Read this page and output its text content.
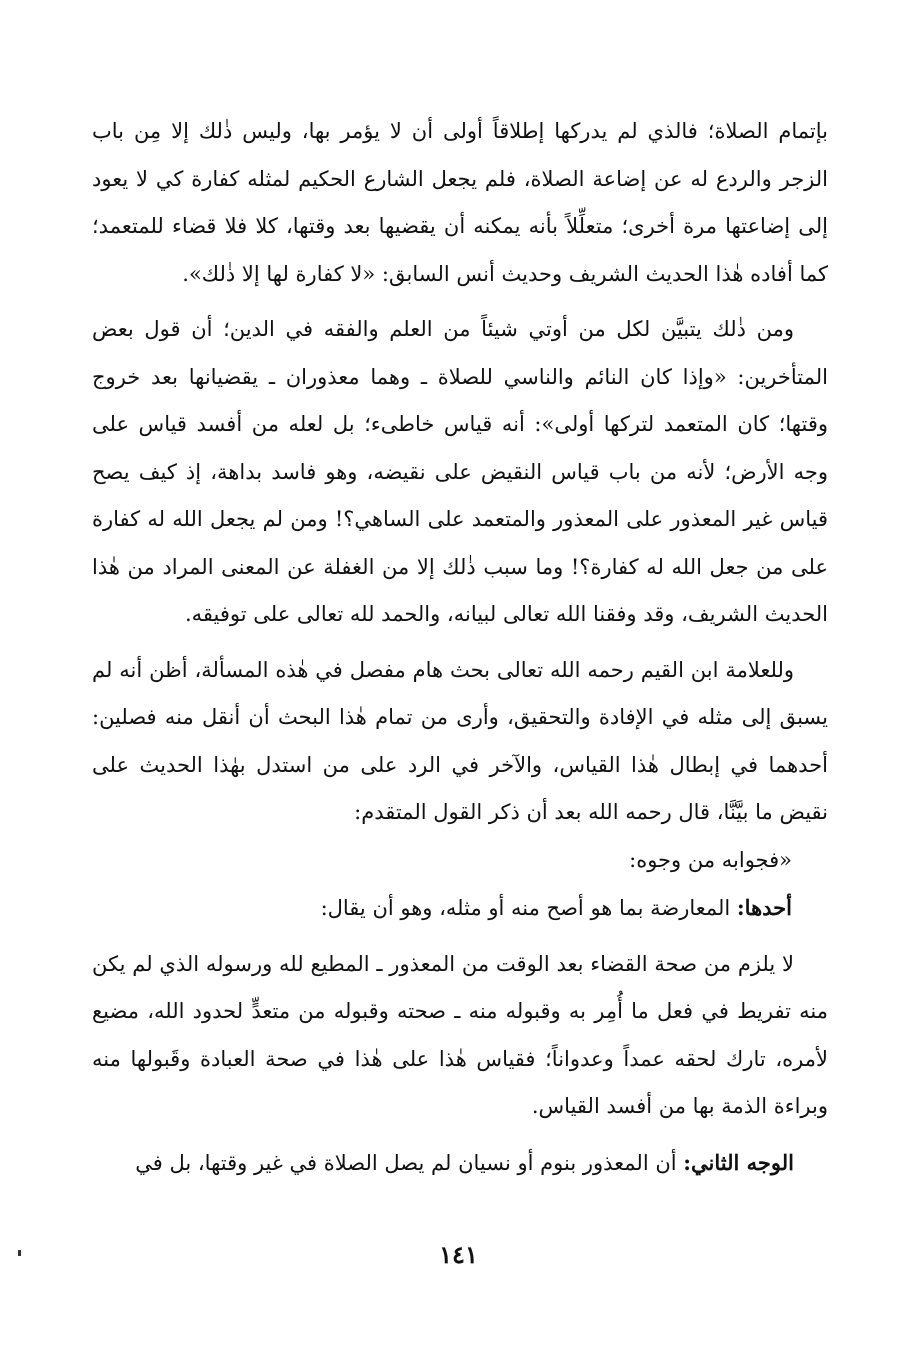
بإتمام الصلاة؛ فالذي لم يدركها إطلاقاً أولى أن لا يؤمر بها، وليس ذٰلك إلا مِن باب الزجر والردع له عن إضاعة الصلاة، فلم يجعل الشارع الحكيم لمثله كفارة كي لا يعود إلى إضاعتها مرة أخرى؛ متعلِّلاً بأنه يمكنه أن يقضيها بعد وقتها، كلا فلا قضاء للمتعمد؛ كما أفاده هٰذا الحديث الشريف وحديث أنس السابق: «لا كفارة لها إلا ذٰلك».

ومن ذٰلك يتبيَّن لكل من أوتي شيئاً من العلم والفقه في الدين؛ أن قول بعض المتأخرين: «وإذا كان النائم والناسي للصلاة ـ وهما معذوران ـ يقضيانها بعد خروج وقتها؛ كان المتعمد لتركها أولى»: أنه قياس خاطىء؛ بل لعله من أفسد قياس على وجه الأرض؛ لأنه من باب قياس النقيض على نقيضه، وهو فاسد بداهة، إذ كيف يصح قياس غير المعذور على المعذور والمتعمد على الساهي؟! ومن لم يجعل الله له كفارة على من جعل الله له كفارة؟! وما سبب ذٰلك إلا من الغفلة عن المعنى المراد من هٰذا الحديث الشريف، وقد وفقنا الله تعالى لبيانه، والحمد لله تعالى على توفيقه.

وللعلامة ابن القيم رحمه الله تعالى بحث هام مفصل في هٰذه المسألة، أظن أنه لم يسبق إلى مثله في الإفادة والتحقيق، وأرى من تمام هٰذا البحث أن أنقل منه فصلين: أحدهما في إبطال هٰذا القياس، والآخر في الرد على من استدل بهٰذا الحديث على نقيض ما بيَّنَّا، قال رحمه الله بعد أن ذكر القول المتقدم:

«فجوابه من وجوه:

أحدها: المعارضة بما هو أصح منه أو مثله، وهو أن يقال:

لا يلزم من صحة القضاء بعد الوقت من المعذور ـ المطيع لله ورسوله الذي لم يكن منه تفريط في فعل ما أُمِر به وقبوله منه ـ صحته وقبوله من متعدٍّ لحدود الله، مضيع لأمره، تارك لحقه عمداً وعدواناً؛ فقياس هٰذا على هٰذا في صحة العبادة وقَبولها منه وبراءة الذمة بها من أفسد القياس.

الوجه الثاني: أن المعذور بنوم أو نسيان لم يصل الصلاة في غير وقتها، بل في

١٤١
